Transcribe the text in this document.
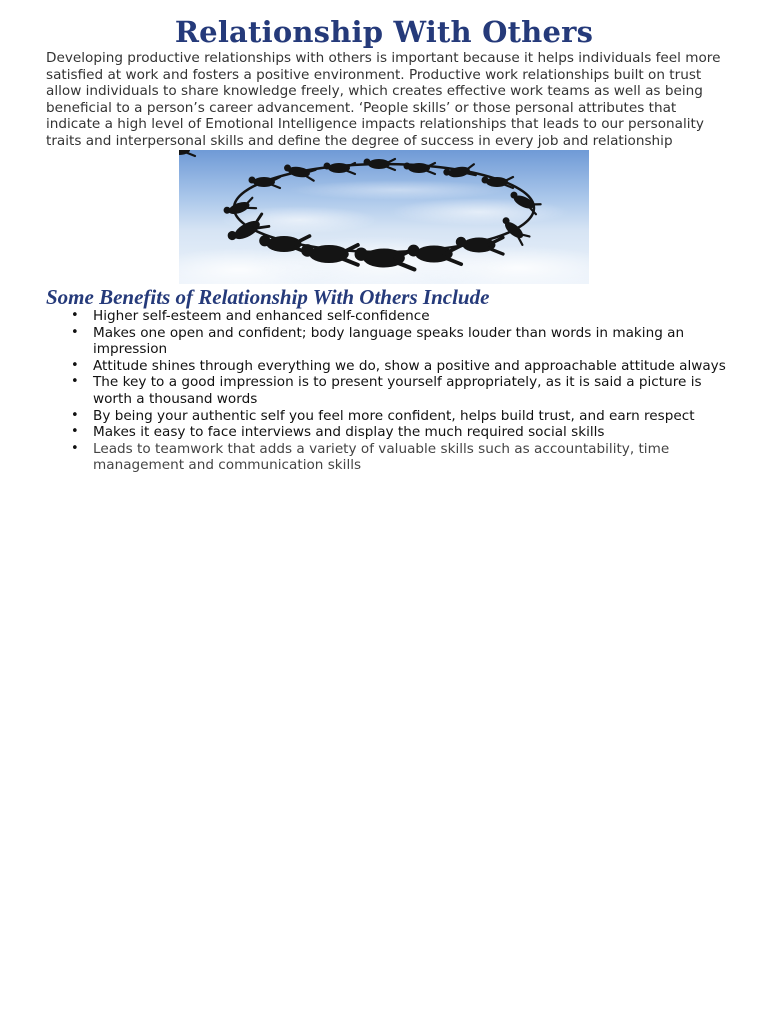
Relationship With Others

Developing productive relationships with others is important because it helps individuals feel more satisfied at work and fosters a positive environment. Productive work relationships built on trust allow individuals to share knowledge freely, which creates effective work teams as well as being beneficial to a person’s career advancement. ‘People skills’ or those personal attributes that indicate a high level of Emotional Intelligence impacts relationships that leads to our personality traits and interpersonal skills and define the degree of success in every job and relationship

Some Benefits of Relationship With Others Include
• Higher self-esteem and enhanced self-confidence
• Makes one open and confident; body language speaks louder than words in making an impression
• Attitude shines through everything we do, show a positive and approachable attitude always
• The key to a good impression is to present yourself appropriately, as it is said a picture is worth a thousand words
• By being your authentic self you feel more confident, helps build trust, and earn respect
• Makes it easy to face interviews and display the much required social skills
• Leads to teamwork that adds a variety of valuable skills such as accountability, time management and communication skills
